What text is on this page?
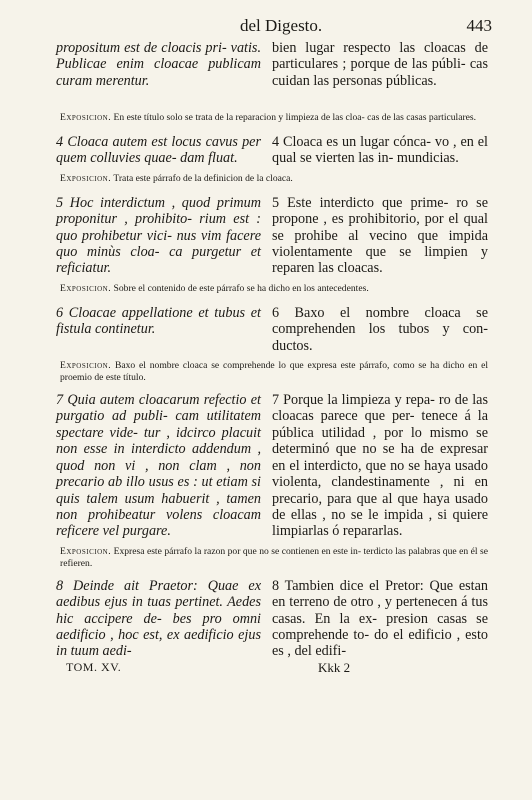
del Digesto.	443
propositum est de cloacis pri- vatis. Publicae enim cloacae publicam curam merentur.
bien lugar respecto las cloacas de particulares ; porque de las públi- cas cuidan las personas públicas.
Exposicion. En este título solo se trata de la reparacion y limpieza de las cloa- cas de las casas particulares.
4 Cloaca autem est locus cavus per quem colluvies quae- dam fluat.
4 Cloaca es un lugar cónca- vo , en el qual se vierten las in- mundicias.
Exposicion. Trata este párrafo de la definicion de la cloaca.
5 Hoc interdictum , quod primum proponitur , prohibito- rium est : quo prohibetur vici- nus vim facere quo minùs cloa- ca purgetur et reficiatur.
5 Este interdicto que prime- ro se propone , es prohibitorio, por el qual se prohibe al vecino que impida violentamente que se limpien y reparen las cloacas.
Exposicion. Sobre el contenido de este párrafo se ha dicho en los antecedentes.
6 Cloacae appellatione et tubus et fistula continetur.
6 Baxo el nombre cloaca se comprehenden los tubos y con- ductos.
Exposicion. Baxo el nombre cloaca se comprehende lo que expresa este párrafo, como se ha dicho en el proemio de este título.
7 Quia autem cloacarum refectio et purgatio ad publi- cam utilitatem spectare vide- tur , idcirco placuit non esse in interdicto addendum , quod non vi , non clam , non precario ab illo usus es : ut etiam si quis talem usum habuerit , tamen non prohibeatur volens cloacam reficere vel purgare.
7 Porque la limpieza y repa- ro de las cloacas parece que per- tenece á la pública utilidad , por lo mismo se determinó que no se ha de expresar en el interdicto, que no se haya usado violenta, clandestinamente , ni en precario, para que al que haya usado de ellas , no se le impida , si quiere limpiarlas ó repararlas.
Exposicion. Expresa este párrafo la razon por que no se contienen en este in- terdicto las palabras que en él se refieren.
8 Deinde ait Praetor: Quae ex aedibus ejus in tuas pertinet. Aedes hic accipere de- bes pro omni aedificio , hoc est, ex aedificio ejus in tuum aedi-
8 Tambien dice el Pretor: Que estan en terreno de otro , y pertenecen á tus casas. En la ex- presion casas se comprehende to- do el edificio , esto es , del edifi-
TOM. XV.	Kkk 2
